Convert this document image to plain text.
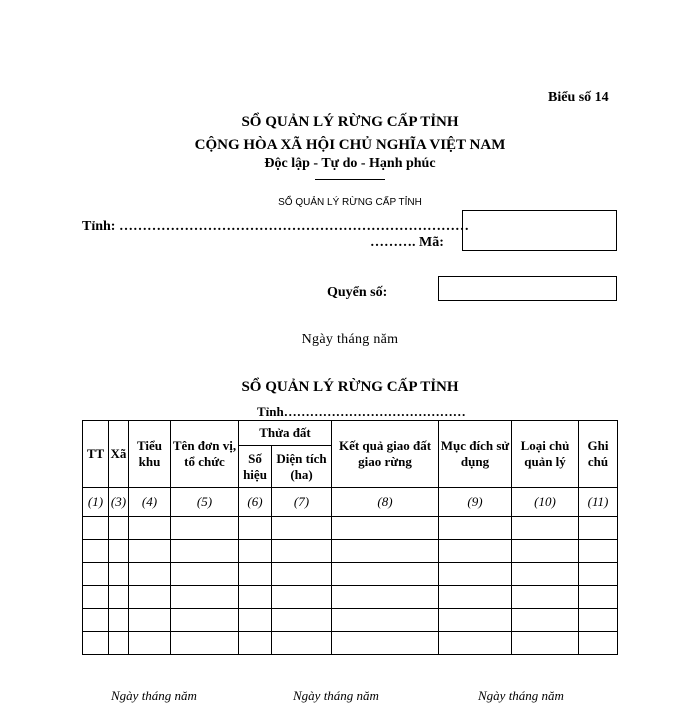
Biểu số 14
SỔ QUẢN LÝ RỪNG CẤP TỈNH
CỘNG HÒA XÃ HỘI CHỦ NGHĨA VIỆT NAM
Độc lập - Tự do - Hạnh phúc
SỔ QUẢN LÝ RỪNG CẤP TỈNH
Tỉnh: …………………………………………………………………
………. Mã:
Quyển số:
Ngày tháng năm
SỔ QUẢN LÝ RỪNG CẤP TỈNH
Tỉnh……………………………………
TT	Xã	Tiểu khu	Tên đơn vị, tổ chức	Thửa đất		Kết quả giao đất giao rừng	Mục đích sử dụng	Loại chủ quản lý	Ghi chú
				Số hiệu	Diện tích (ha)				
(1)	(3)	(4)	(5)	(6)	(7)	(8)	(9)	(10)	(11)

Ngày tháng năm	Ngày tháng năm	Ngày tháng năm
